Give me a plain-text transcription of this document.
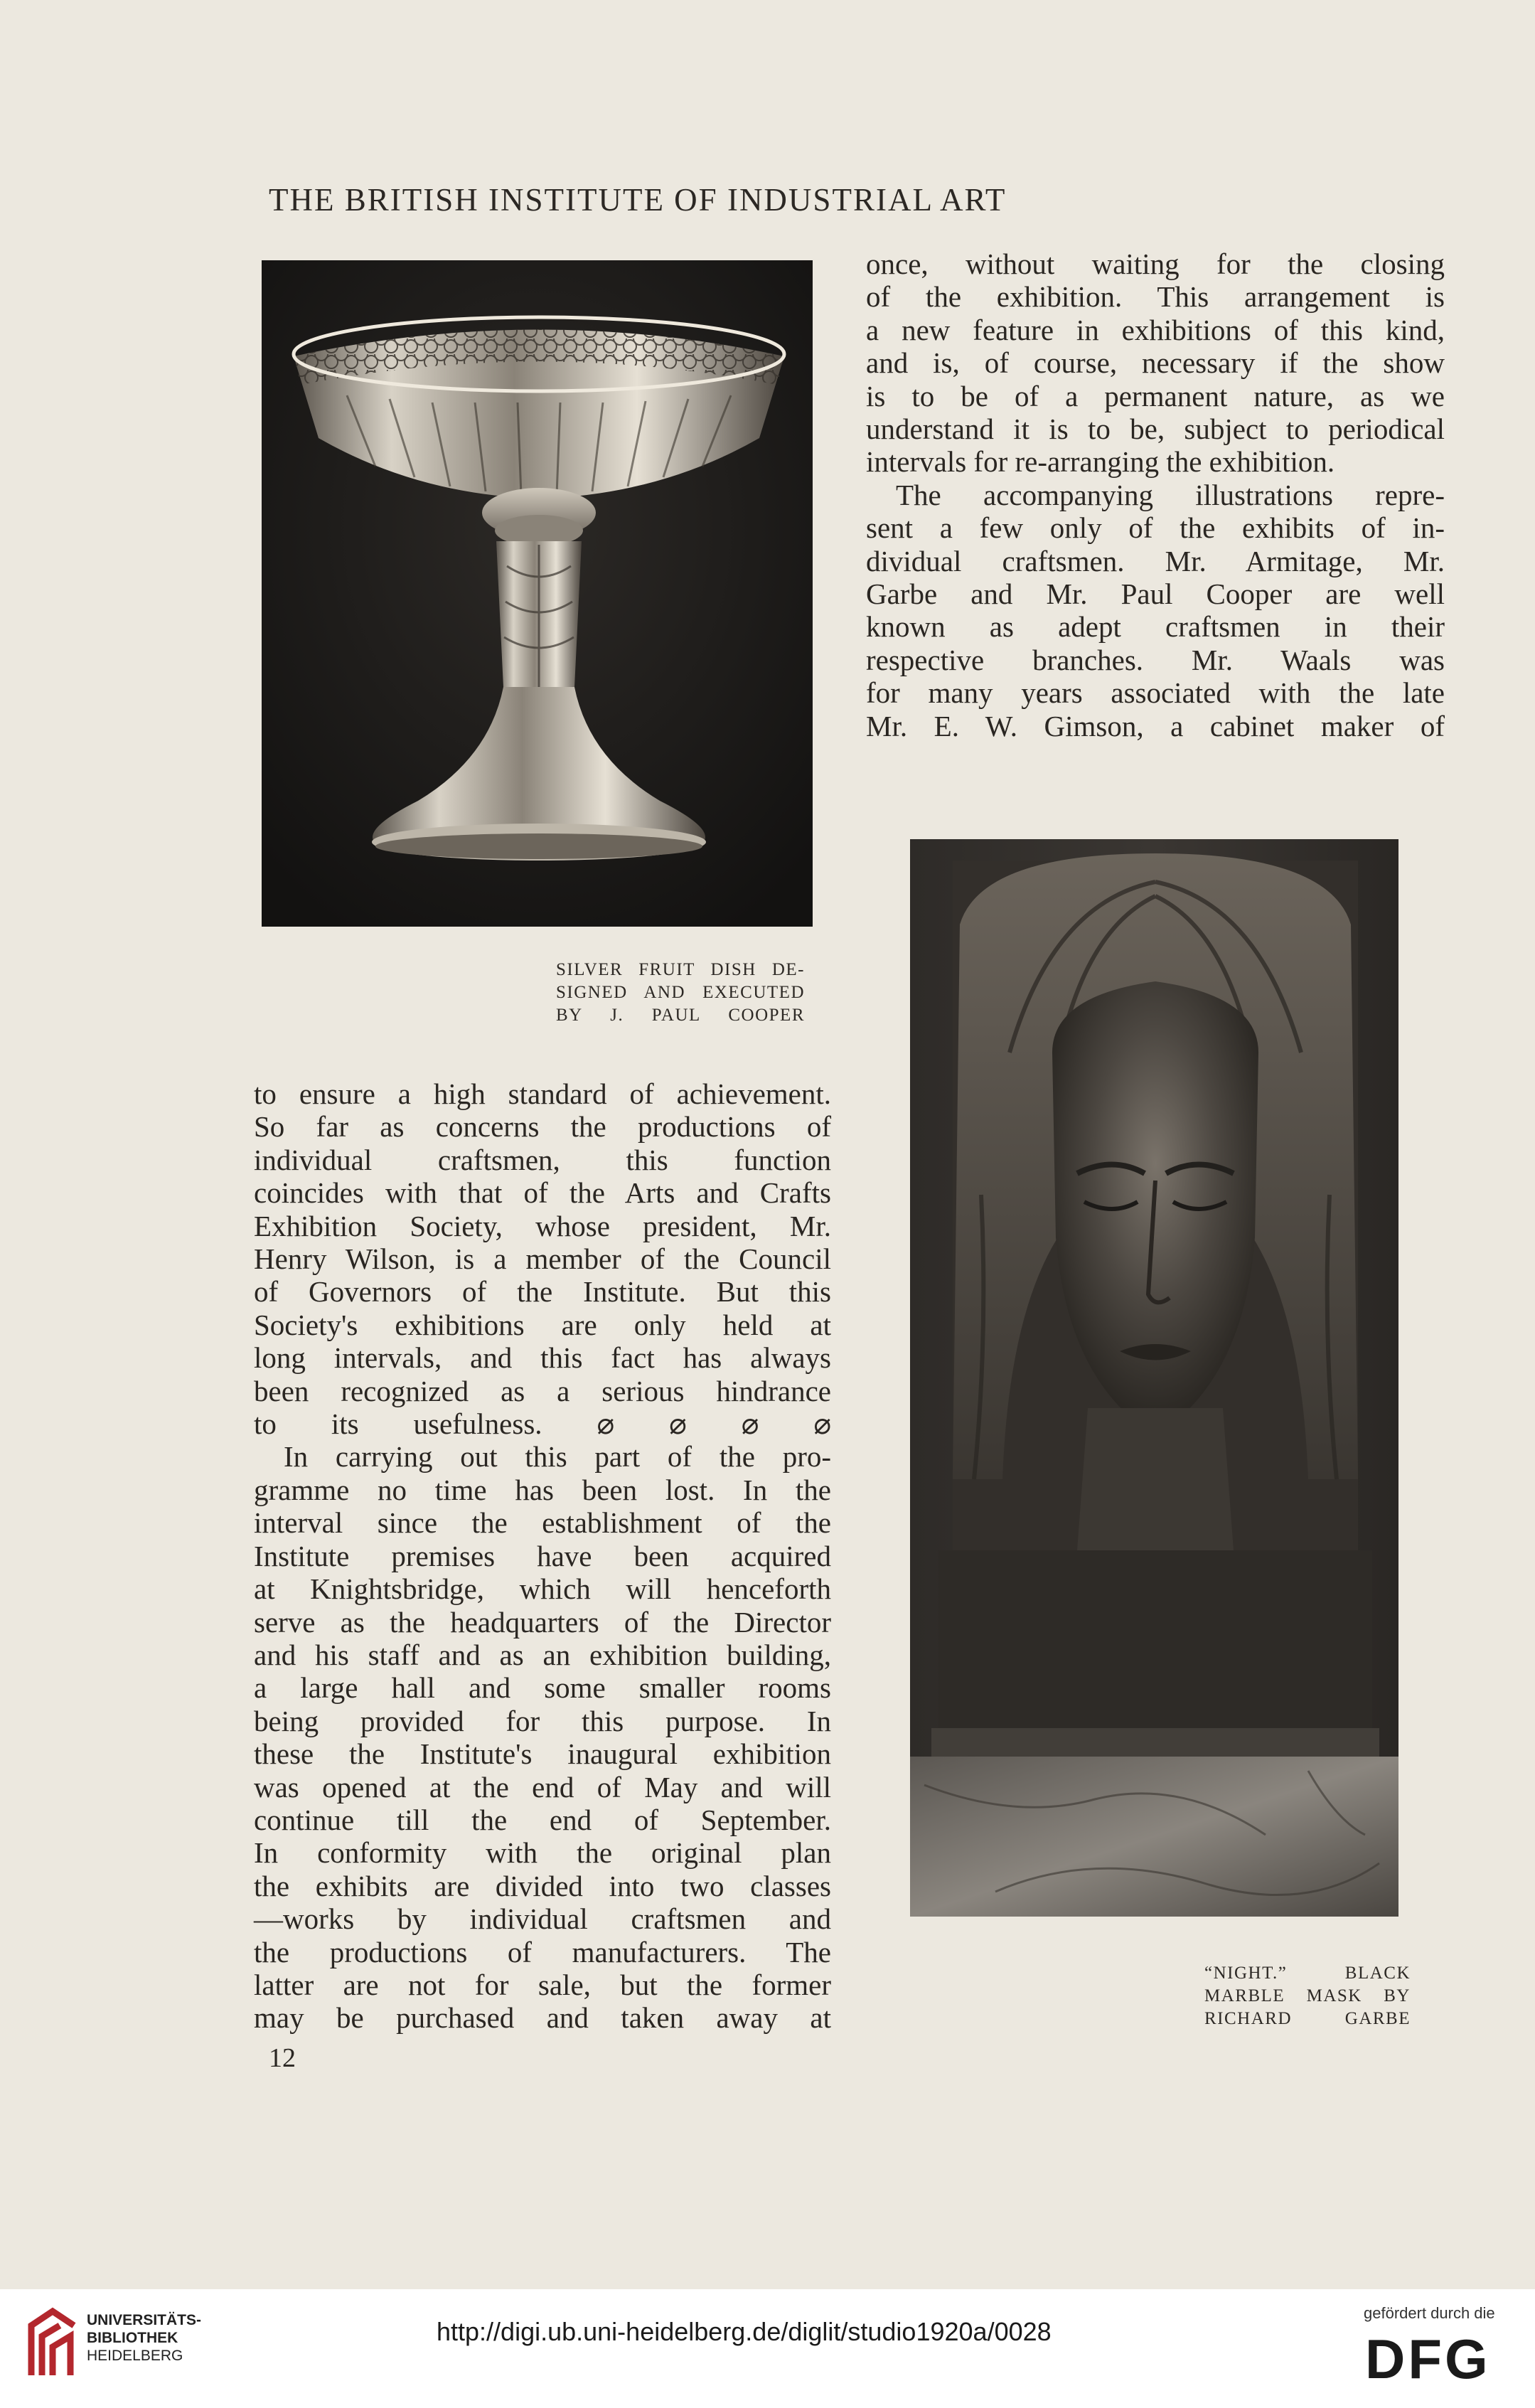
THE BRITISH INSTITUTE OF INDUSTRIAL ART
SILVER FRUIT DISH DE-
SIGNED AND EXECUTED
BY J. PAUL COOPER

once, without waiting for the closing
of the exhibition. This arrangement is
a new feature in exhibitions of this kind,
and is, of course, necessary if the show
is to be of a permanent nature, as we
understand it is to be, subject to periodical
intervals for re-arranging the exhibition.

The accompanying illustrations repre-
sent a few only of the exhibits of in-
dividual craftsmen. Mr. Armitage, Mr.
Garbe and Mr. Paul Cooper are well
known as adept craftsmen in their
respective branches. Mr. Waals was
for many years associated with the late
Mr. E. W. Gimson, a cabinet maker of

“NIGHT.” BLACK
MARBLE MASK BY
RICHARD GARBE

to ensure a high standard of achievement.
So far as concerns the productions of
individual craftsmen, this function
coincides with that of the Arts and Crafts
Exhibition Society, whose president, Mr.
Henry Wilson, is a member of the Council
of Governors of the Institute. But this
Society's exhibitions are only held at
long intervals, and this fact has always
been recognized as a serious hindrance
to its usefulness. ⌀ ⌀ ⌀ ⌀

In carrying out this part of the pro-
gramme no time has been lost. In the
interval since the establishment of the
Institute premises have been acquired
at Knightsbridge, which will henceforth
serve as the headquarters of the Director
and his staff and as an exhibition building,
a large hall and some smaller rooms
being provided for this purpose. In
these the Institute's inaugural exhibition
was opened at the end of May and will
continue till the end of September.
In conformity with the original plan
the exhibits are divided into two classes
—works by individual craftsmen and
the productions of manufacturers. The
latter are not for sale, but the former
may be purchased and taken away at

12
UNIVERSITÄTS-
BIBLIOTHEK
HEIDELBERG
http://digi.ub.uni-heidelberg.de/diglit/studio1920a/0028
gefördert durch die
DFG
